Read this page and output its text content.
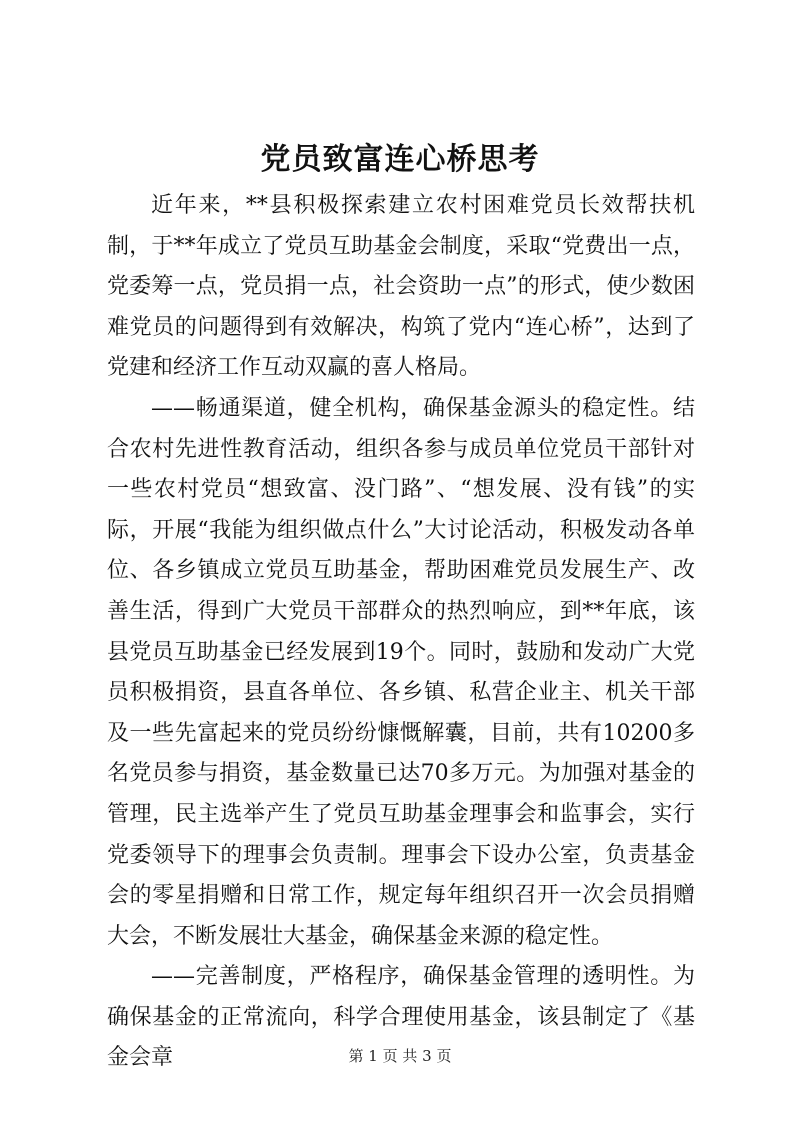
党员致富连心桥思考

近年来，**县积极探索建立农村困难党员长效帮扶机制，于**年成立了党员互助基金会制度，采取“党费出一点，党委筹一点，党员捐一点，社会资助一点”的形式，使少数困难党员的问题得到有效解决，构筑了党内“连心桥”，达到了党建和经济工作互动双赢的喜人格局。

——畅通渠道，健全机构，确保基金源头的稳定性。结合农村先进性教育活动，组织各参与成员单位党员干部针对一些农村党员“想致富、没门路”、“想发展、没有钱”的实际，开展“我能为组织做点什么”大讨论活动，积极发动各单位、各乡镇成立党员互助基金，帮助困难党员发展生产、改善生活，得到广大党员干部群众的热烈响应，到**年底，该县党员互助基金已经发展到19个。同时，鼓励和发动广大党员积极捐资，县直各单位、各乡镇、私营企业主、机关干部及一些先富起来的党员纷纷慷慨解囊，目前，共有10200多名党员参与捐资，基金数量已达70多万元。为加强对基金的管理，民主选举产生了党员互助基金理事会和监事会，实行党委领导下的理事会负责制。理事会下设办公室，负责基金会的零星捐赠和日常工作，规定每年组织召开一次会员捐赠大会，不断发展壮大基金，确保基金来源的稳定性。

——完善制度，严格程序，确保基金管理的透明性。为确保基金的正常流向，科学合理使用基金，该县制定了《基金会章	第 1 页 共 3 页
